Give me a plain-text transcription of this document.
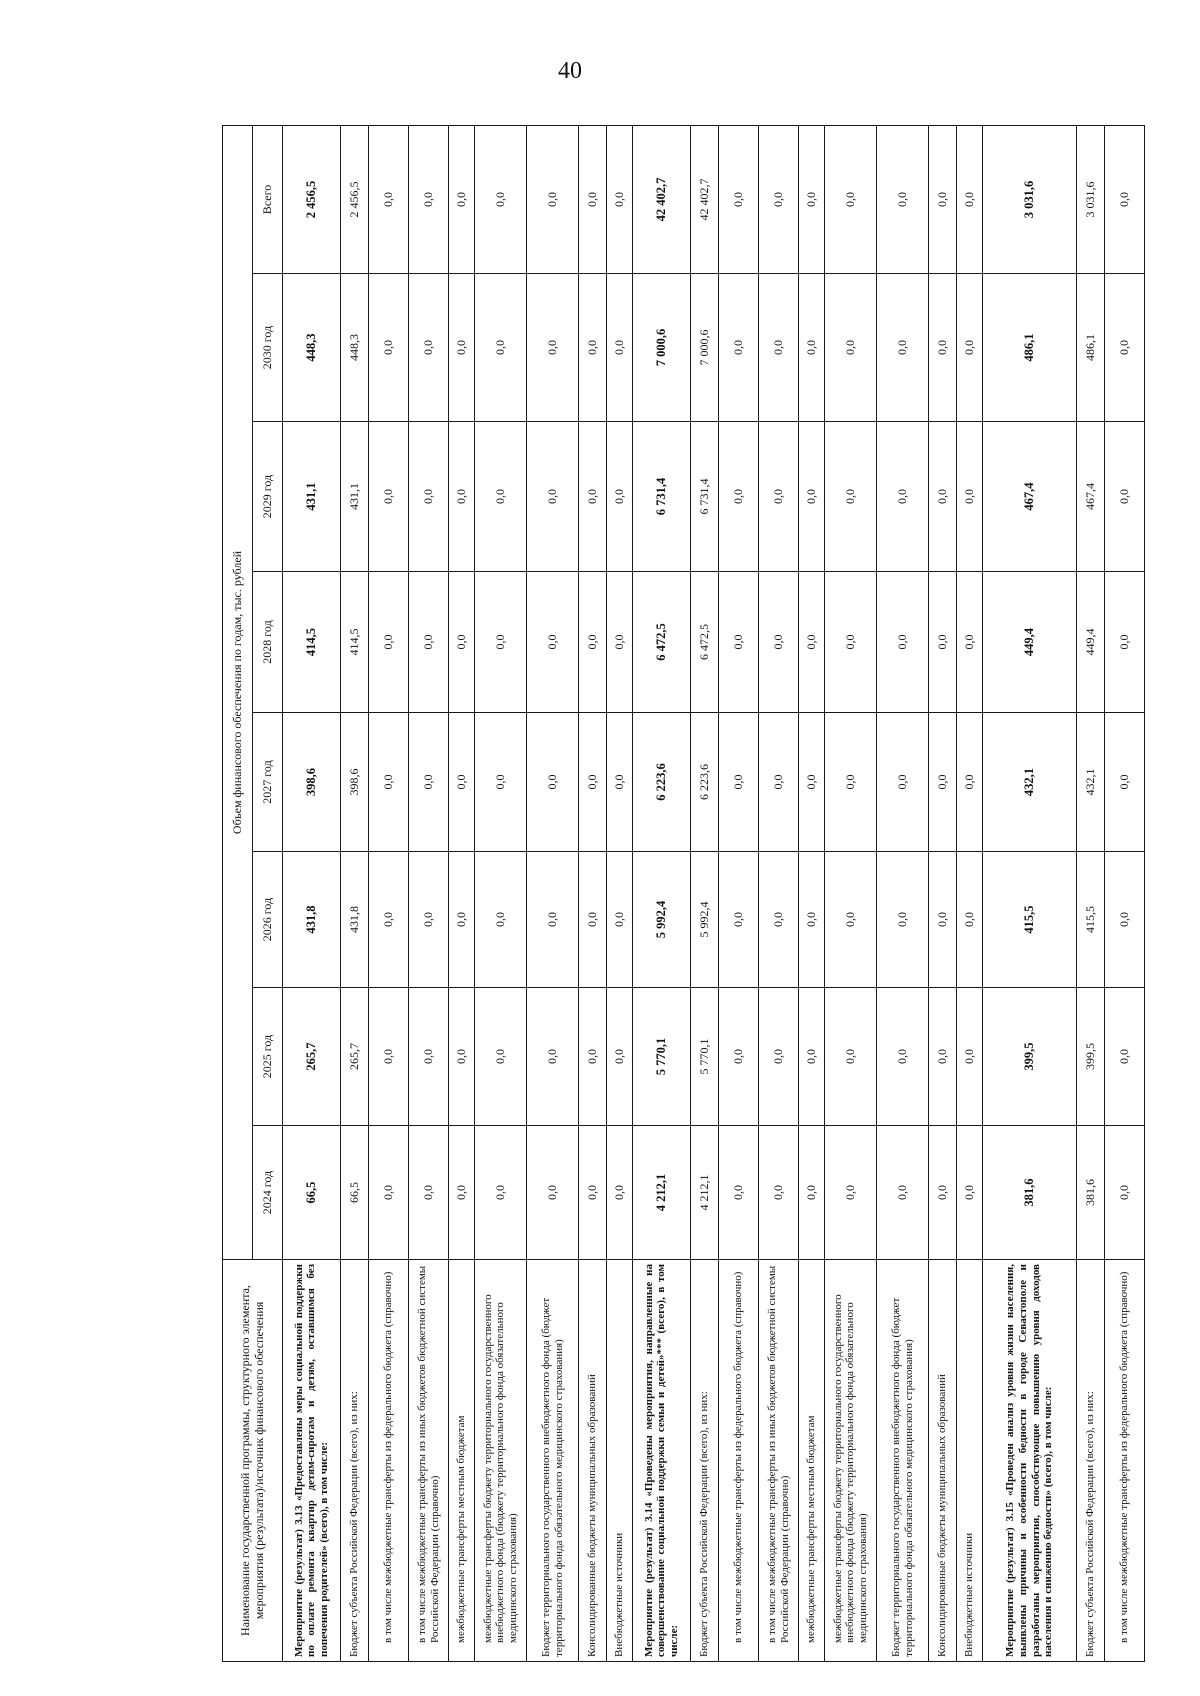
40
Наименование государственной программы, структурного элемента, мероприятия (результата)/источник финансового обеспечения	Объем финансового обеспечения по годам, тыс. рублей							
	2024 год	2025 год	2026 год	2027 год	2028 год	2029 год	2030 год	Всего
Мероприятие (результат) 3.13 «Предоставлены меры социальной поддержки по оплате ремонта квартир детям-сиротам и детям, оставшимся без попечения родителей» (всего), в том числе:	66,5	265,7	431,8	398,6	414,5	431,1	448,3	2 456,5
Бюджет субъекта Российской Федерации (всего), из них:	66,5	265,7	431,8	398,6	414,5	431,1	448,3	2 456,5
в том числе межбюджетные трансферты из федерального бюджета (справочно)	0,0	0,0	0,0	0,0	0,0	0,0	0,0	0,0
в том числе межбюджетные трансферты из иных бюджетов бюджетной системы Российской Федерации (справочно)	0,0	0,0	0,0	0,0	0,0	0,0	0,0	0,0
межбюджетные трансферты местным бюджетам	0,0	0,0	0,0	0,0	0,0	0,0	0,0	0,0
межбюджетные трансферты бюджету территориального государственного внебюджетного фонда (бюджету территориального фонда обязательного медицинского страхования)	0,0	0,0	0,0	0,0	0,0	0,0	0,0	0,0
Бюджет территориального государственного внебюджетного фонда (бюджет территориального фонда обязательного медицинского страхования)	0,0	0,0	0,0	0,0	0,0	0,0	0,0	0,0
Консолидированные бюджеты муниципальных образований	0,0	0,0	0,0	0,0	0,0	0,0	0,0	0,0
Внебюджетные источники	0,0	0,0	0,0	0,0	0,0	0,0	0,0	0,0
Мероприятие (результат) 3.14 «Проведены мероприятия, направленные на совершенствование социальной поддержки семьи и детей»*** (всего), в том числе:	4 212,1	5 770,1	5 992,4	6 223,6	6 472,5	6 731,4	7 000,6	42 402,7
Бюджет субъекта Российской Федерации (всего), из них:	4 212,1	5 770,1	5 992,4	6 223,6	6 472,5	6 731,4	7 000,6	42 402,7
в том числе межбюджетные трансферты из федерального бюджета (справочно)	0,0	0,0	0,0	0,0	0,0	0,0	0,0	0,0
в том числе межбюджетные трансферты из иных бюджетов бюджетной системы Российской Федерации (справочно)	0,0	0,0	0,0	0,0	0,0	0,0	0,0	0,0
межбюджетные трансферты местным бюджетам	0,0	0,0	0,0	0,0	0,0	0,0	0,0	0,0
межбюджетные трансферты бюджету территориального государственного внебюджетного фонда (бюджету территориального фонда обязательного медицинского страхования)	0,0	0,0	0,0	0,0	0,0	0,0	0,0	0,0
Бюджет территориального государственного внебюджетного фонда (бюджет территориального фонда обязательного медицинского страхования)	0,0	0,0	0,0	0,0	0,0	0,0	0,0	0,0
Консолидированные бюджеты муниципальных образований	0,0	0,0	0,0	0,0	0,0	0,0	0,0	0,0
Внебюджетные источники	0,0	0,0	0,0	0,0	0,0	0,0	0,0	0,0
Мероприятие (результат) 3.15 «Проведен анализ уровня жизни населения, выявлены причины и особенности бедности в городе Севастополе и разработаны мероприятия, способствующие повышению уровня доходов населения и снижению бедности» (всего), в том числе:	381,6	399,5	415,5	432,1	449,4	467,4	486,1	3 031,6
Бюджет субъекта Российской Федерации (всего), из них:	381,6	399,5	415,5	432,1	449,4	467,4	486,1	3 031,6
в том числе межбюджетные трансферты из федерального бюджета (справочно)	0,0	0,0	0,0	0,0	0,0	0,0	0,0	0,0
